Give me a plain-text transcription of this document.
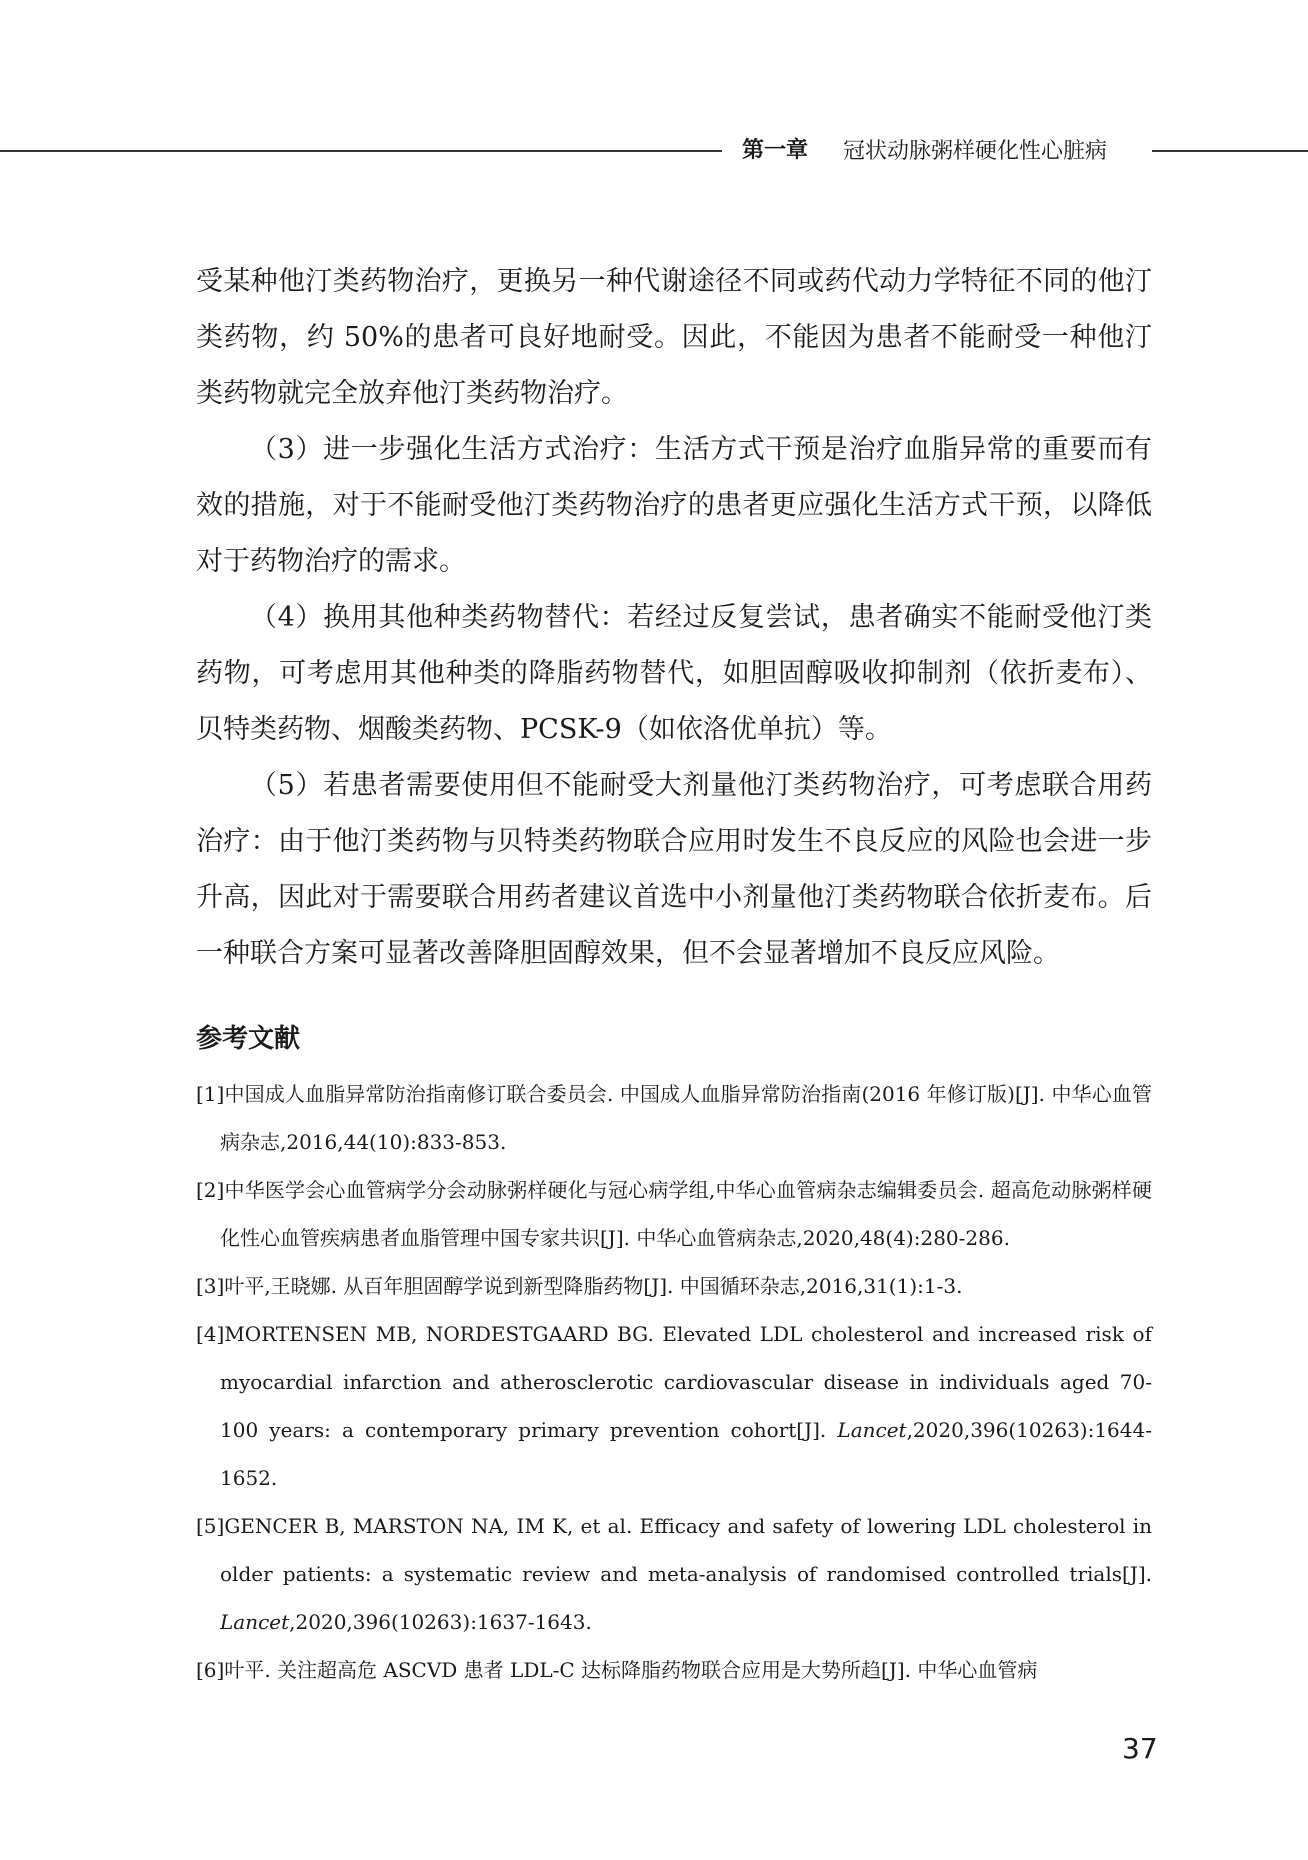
第一章 冠状动脉粥样硬化性心脏病

受某种他汀类药物治疗，更换另一种代谢途径不同或药代动力学特征不同的他汀类药物，约 50%的患者可良好地耐受。因此，不能因为患者不能耐受一种他汀类药物就完全放弃他汀类药物治疗。

（3）进一步强化生活方式治疗：生活方式干预是治疗血脂异常的重要而有效的措施，对于不能耐受他汀类药物治疗的患者更应强化生活方式干预，以降低对于药物治疗的需求。

（4）换用其他种类药物替代：若经过反复尝试，患者确实不能耐受他汀类药物，可考虑用其他种类的降脂药物替代，如胆固醇吸收抑制剂（依折麦布）、贝特类药物、烟酸类药物、PCSK-9（如依洛优单抗）等。

（5）若患者需要使用但不能耐受大剂量他汀类药物治疗，可考虑联合用药治疗：由于他汀类药物与贝特类药物联合应用时发生不良反应的风险也会进一步升高，因此对于需要联合用药者建议首选中小剂量他汀类药物联合依折麦布。后一种联合方案可显著改善降胆固醇效果，但不会显著增加不良反应风险。

参考文献

[1]中国成人血脂异常防治指南修订联合委员会. 中国成人血脂异常防治指南(2016 年修订版)[J]. 中华心血管病杂志,2016,44(10):833-853.

[2]中华医学会心血管病学分会动脉粥样硬化与冠心病学组,中华心血管病杂志编辑委员会. 超高危动脉粥样硬化性心血管疾病患者血脂管理中国专家共识[J]. 中华心血管病杂志,2020,48(4):280-286.

[3]叶平,王晓娜. 从百年胆固醇学说到新型降脂药物[J]. 中国循环杂志,2016,31(1):1-3.

[4]MORTENSEN MB, NORDESTGAARD BG. Elevated LDL cholesterol and increased risk of myocardial infarction and atherosclerotic cardiovascular disease in individuals aged 70-100 years: a contemporary primary prevention cohort[J]. Lancet,2020,396(10263):1644-1652.

[5]GENCER B, MARSTON NA, IM K, et al. Efficacy and safety of lowering LDL cholesterol in older patients: a systematic review and meta-analysis of randomised controlled trials[J]. Lancet,2020,396(10263):1637-1643.

[6]叶平. 关注超高危 ASCVD 患者 LDL-C 达标降脂药物联合应用是大势所趋[J]. 中华心血管病

37
